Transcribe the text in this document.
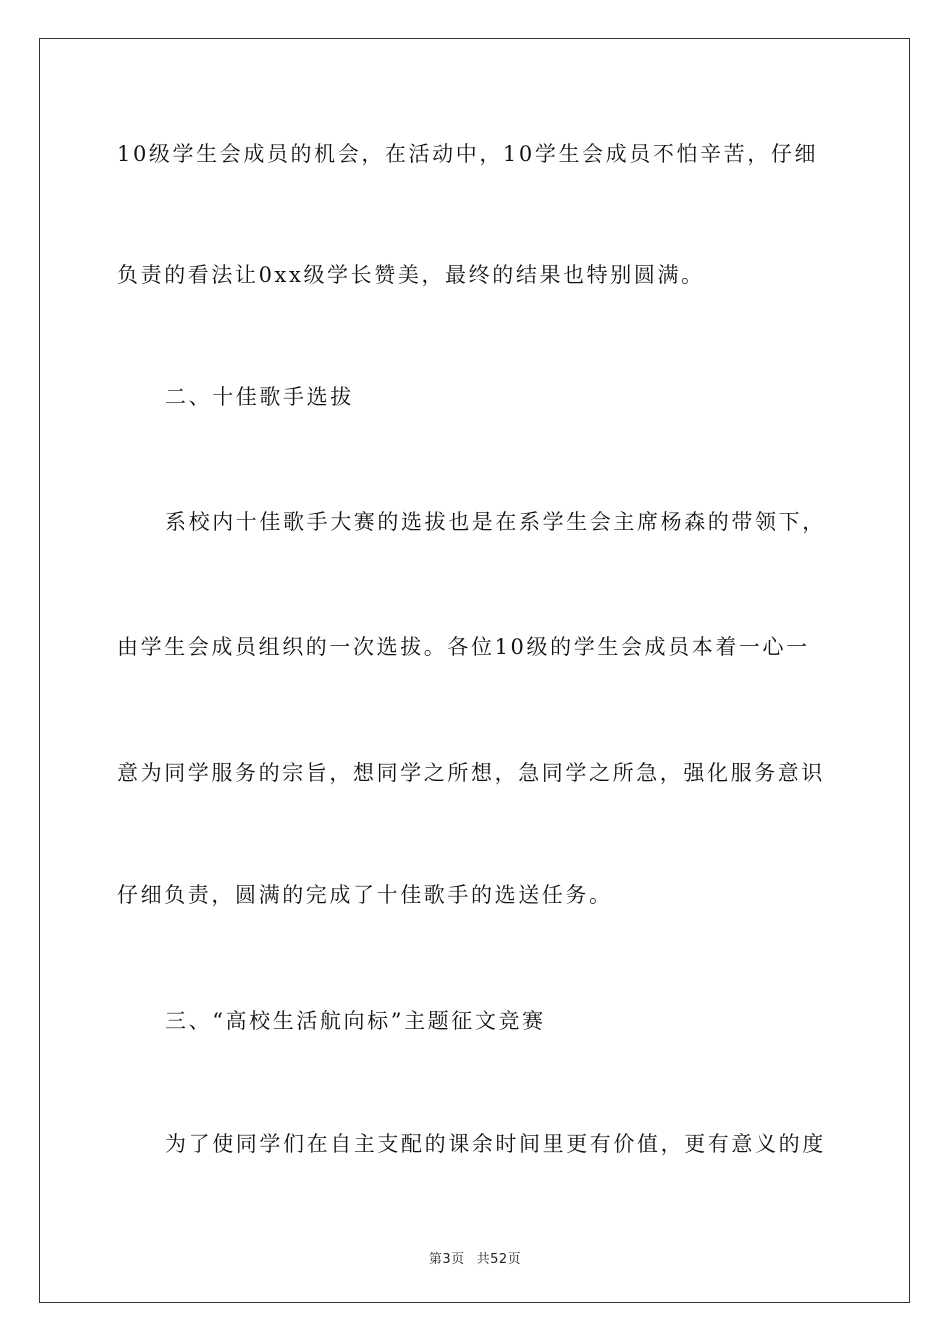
10级学生会成员的机会，在活动中，10学生会成员不怕辛苦，仔细
负责的看法让0xx级学长赞美，最终的结果也特别圆满。
二、十佳歌手选拔
系校内十佳歌手大赛的选拔也是在系学生会主席杨森的带领下，
由学生会成员组织的一次选拔。各位10级的学生会成员本着一心一
意为同学服务的宗旨，想同学之所想，急同学之所急，强化服务意识
仔细负责，圆满的完成了十佳歌手的选送任务。
三、“高校生活航向标”主题征文竞赛
为了使同学们在自主支配的课余时间里更有价值，更有意义的度
第3页 共52页
